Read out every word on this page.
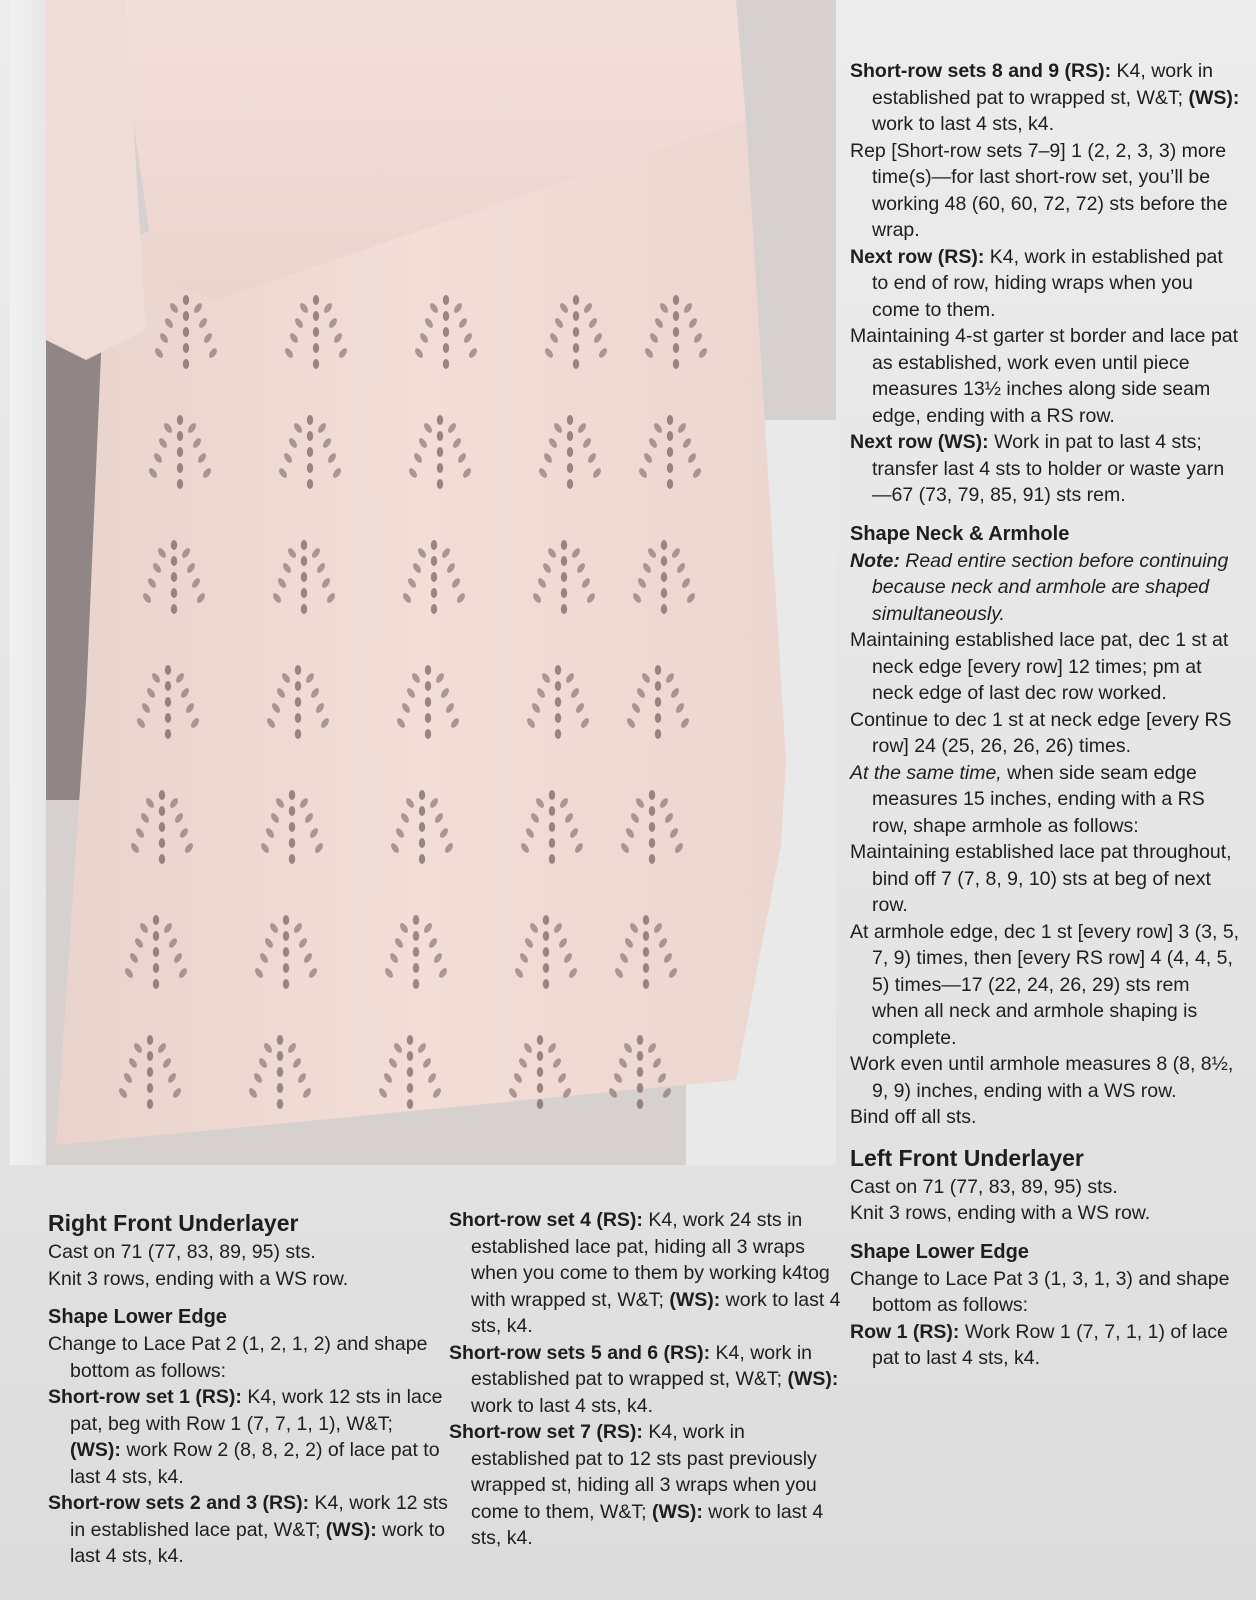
Short-row sets 8 and 9 (RS): K4, work in established pat to wrapped st, W&T; (WS): work to last 4 sts, k4.

Rep [Short-row sets 7–9] 1 (2, 2, 3, 3) more time(s)—for last short-row set, you’ll be working 48 (60, 60, 72, 72) sts before the wrap.

Next row (RS): K4, work in established pat to end of row, hiding wraps when you come to them.

Maintaining 4-st garter st border and lace pat as established, work even until piece measures 13½ inches along side seam edge, ending with a RS row.

Next row (WS): Work in pat to last 4 sts; transfer last 4 sts to holder or waste yarn—67 (73, 79, 85, 91) sts rem.

Shape Neck & Armhole

Note: Read entire section before continuing because neck and armhole are shaped simultaneously.

Maintaining established lace pat, dec 1 st at neck edge [every row] 12 times; pm at neck edge of last dec row worked.

Continue to dec 1 st at neck edge [every RS row] 24 (25, 26, 26, 26) times.

At the same time, when side seam edge measures 15 inches, ending with a RS row, shape armhole as follows:

Maintaining established lace pat throughout, bind off 7 (7, 8, 9, 10) sts at beg of next row.

At armhole edge, dec 1 st [every row] 3 (3, 5, 7, 9) times, then [every RS row] 4 (4, 4, 5, 5) times—17 (22, 24, 26, 29) sts rem when all neck and armhole shaping is complete.

Work even until armhole measures 8 (8, 8½, 9, 9) inches, ending with a WS row.

Bind off all sts.

Left Front Underlayer

Cast on 71 (77, 83, 89, 95) sts.

Knit 3 rows, ending with a WS row.

Shape Lower Edge

Change to Lace Pat 3 (1, 3, 1, 3) and shape bottom as follows:

Row 1 (RS): Work Row 1 (7, 7, 1, 1) of lace pat to last 4 sts, k4.

Right Front Underlayer

Cast on 71 (77, 83, 89, 95) sts.

Knit 3 rows, ending with a WS row.

Shape Lower Edge

Change to Lace Pat 2 (1, 2, 1, 2) and shape bottom as follows:

Short-row set 1 (RS): K4, work 12 sts in lace pat, beg with Row 1 (7, 7, 1, 1), W&T; (WS): work Row 2 (8, 8, 2, 2) of lace pat to last 4 sts, k4.

Short-row sets 2 and 3 (RS): K4, work 12 sts in established lace pat, W&T; (WS): work to last 4 sts, k4.

Short-row set 4 (RS): K4, work 24 sts in established lace pat, hiding all 3 wraps when you come to them by working k4tog with wrapped st, W&T; (WS): work to last 4 sts, k4.

Short-row sets 5 and 6 (RS): K4, work in established pat to wrapped st, W&T; (WS): work to last 4 sts, k4.

Short-row set 7 (RS): K4, work in established pat to 12 sts past previously wrapped st, hiding all 3 wraps when you come to them, W&T; (WS): work to last 4 sts, k4.
